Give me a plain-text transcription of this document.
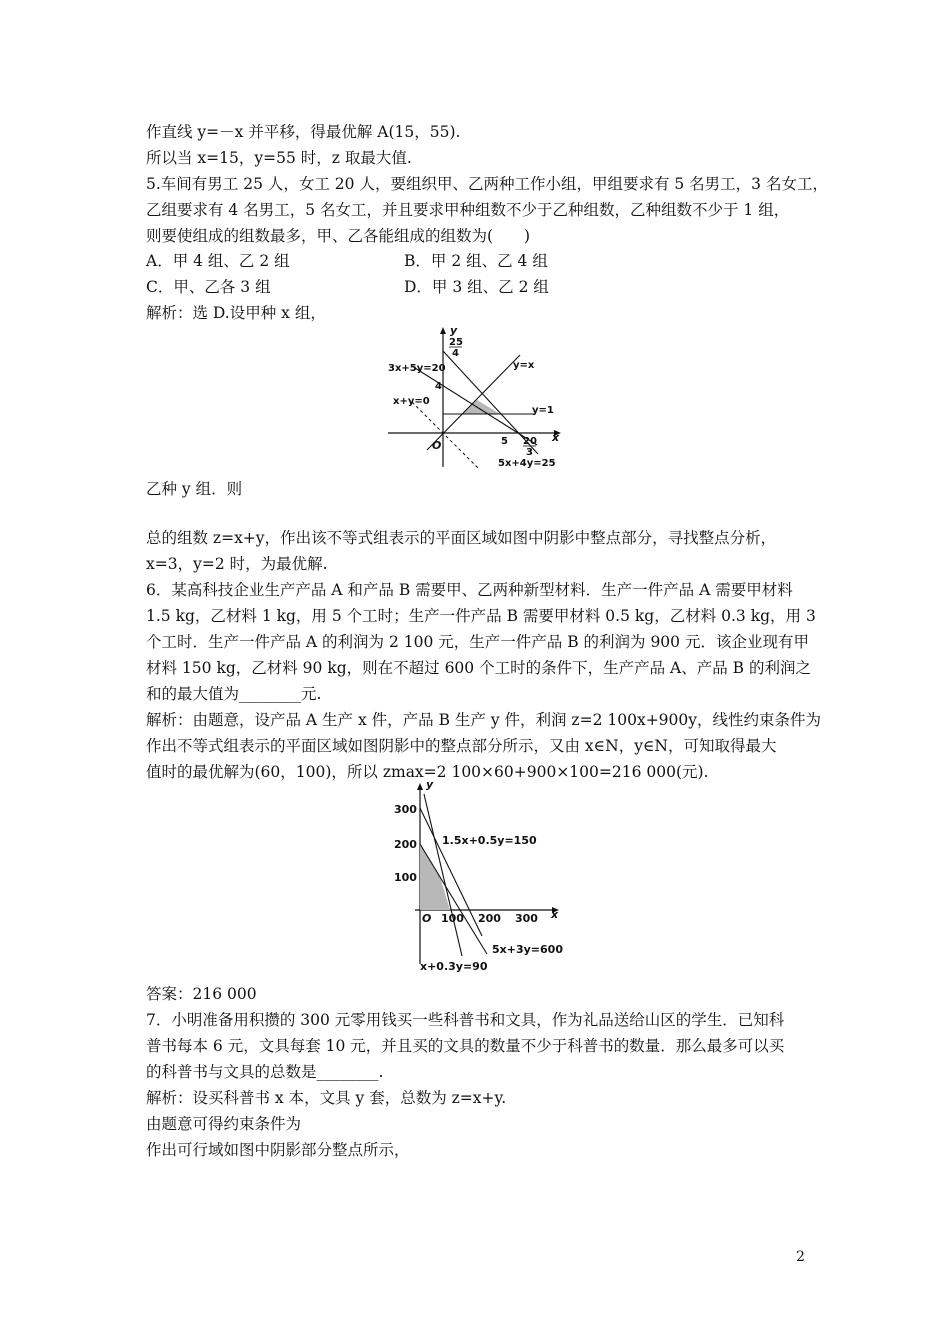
作直线 y=－x 并平移，得最优解 A(15，55).
所以当 x=15，y=55 时，z 取最大值.
5.车间有男工 25 人，女工 20 人，要组织甲、乙两种工作小组，甲组要求有 5 名男工，3 名女工，
乙组要求有 4 名男工，5 名女工，并且要求甲种组数不少于乙种组数，乙种组数不少于 1 组，
则要使组成的组数最多，甲、乙各能组成的组数为(　　)
A．甲 4 组、乙 2 组	B．甲 2 组、乙 4 组
C．甲、乙各 3 组	D．甲 3 组、乙 2 组
解析：选 D.设甲种 x 组，
y
x
O
25
4
4
5 20
3
3x+5y=20	y=x
x+y=0
y=1
5x+4y=25
乙种 y 组．则
总的组数 z=x+y，作出该不等式组表示的平面区域如图中阴影中整点部分，寻找整点分析，
x=3，y=2 时，为最优解.
6．某高科技企业生产产品 A 和产品 B 需要甲、乙两种新型材料．生产一件产品 A 需要甲材料
1.5 kg，乙材料 1 kg，用 5 个工时；生产一件产品 B 需要甲材料 0.5 kg，乙材料 0.3 kg，用 3
个工时．生产一件产品 A 的利润为 2 100 元，生产一件产品 B 的利润为 900 元．该企业现有甲
材料 150 kg，乙材料 90 kg，则在不超过 600 个工时的条件下，生产产品 A、产品 B 的利润之
和的最大值为________元.
解析：由题意，设产品 A 生产 x 件，产品 B 生产 y 件，利润 z=2 100x+900y，线性约束条件为
作出不等式组表示的平面区域如图阴影中的整点部分所示，又由 x∈N，y∈N，可知取得最大
值时的最优解为(60，100)，所以 zmax=2 100×60+900×100=216 000(元).
y
x
O
300
200
100
100 200 300
1.5x+0.5y=150
5x+3y=600
x+0.3y=90
答案：216 000
7．小明准备用积攒的 300 元零用钱买一些科普书和文具，作为礼品送给山区的学生．已知科
普书每本 6 元，文具每套 10 元，并且买的文具的数量不少于科普书的数量．那么最多可以买
的科普书与文具的总数是________.
解析：设买科普书 x 本，文具 y 套，总数为 z=x+y.
由题意可得约束条件为
作出可行域如图中阴影部分整点所示，
2
